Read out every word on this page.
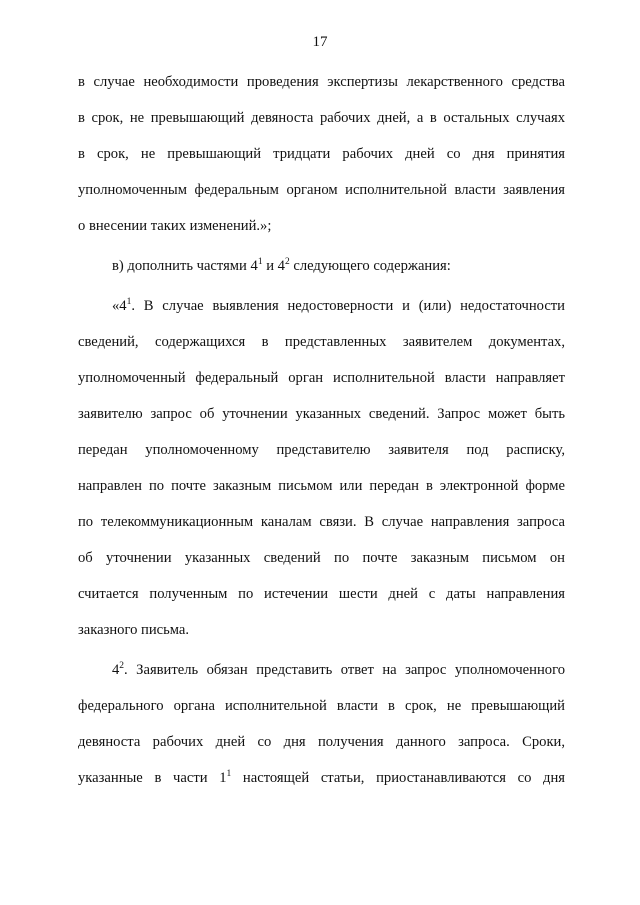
17
в случае необходимости проведения экспертизы лекарственного средства
в срок, не превышающий девяноста рабочих дней, а в остальных случаях
в срок, не превышающий тридцати рабочих дней со дня принятия
уполномоченным федеральным органом исполнительной власти заявления
о внесении таких изменений.»;
в) дополнить частями $4^1$ и $4^2$ следующего содержания:
«$4^1$. В случае выявления недостоверности и (или) недостаточности
сведений, содержащихся в представленных заявителем документах,
уполномоченный федеральный орган исполнительной власти направляет
заявителю запрос об уточнении указанных сведений. Запрос может быть
передан уполномоченному представителю заявителя под расписку,
направлен по почте заказным письмом или передан в электронной форме
по телекоммуникационным каналам связи. В случае направления запроса
об уточнении указанных сведений по почте заказным письмом он
считается полученным по истечении шести дней с даты направления
заказного письма.
$4^2$. Заявитель обязан представить ответ на запрос уполномоченного
федерального органа исполнительной власти в срок, не превышающий
девяноста рабочих дней со дня получения данного запроса. Сроки,
указанные в части $1^1$ настоящей статьи, приостанавливаются со дня
